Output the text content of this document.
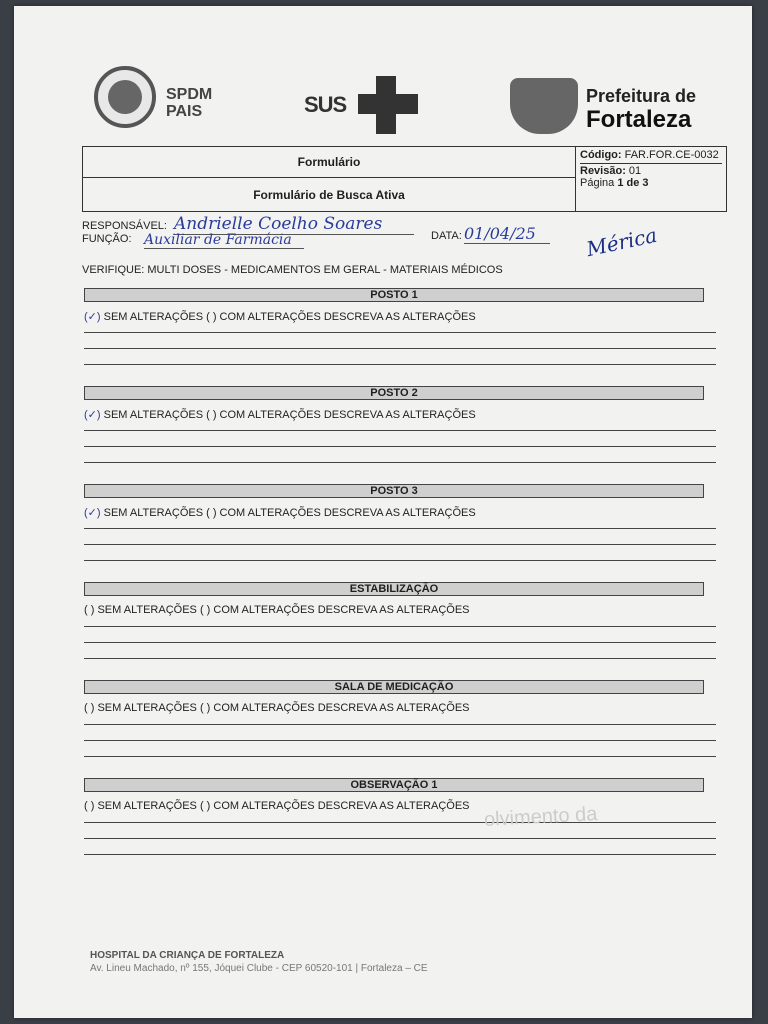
SPDM
PAIS	SUS	Prefeitura de
Fortaleza
Formulário
Formulário de Busca Ativa
Código: FAR.FOR.CE-0032
Revisão: 01
Página 1 de 3
RESPONSÁVEL: Andrielle Coelho Soares
FUNÇÃO: Auxiliar de Farmácia	DATA: 01/04/25	Mérica
VERIFIQUE: MULTI DOSES - MEDICAMENTOS EM GERAL - MATERIAIS MÉDICOS
POSTO 1
(✓) SEM ALTERAÇÕES ( ) COM ALTERAÇÕES DESCREVA AS ALTERAÇÕES
POSTO 2
(✓) SEM ALTERAÇÕES ( ) COM ALTERAÇÕES DESCREVA AS ALTERAÇÕES
POSTO 3
(✓) SEM ALTERAÇÕES ( ) COM ALTERAÇÕES DESCREVA AS ALTERAÇÕES
ESTABILIZAÇÃO
( ) SEM ALTERAÇÕES ( ) COM ALTERAÇÕES DESCREVA AS ALTERAÇÕES
SALA DE MEDICAÇÃO
( ) SEM ALTERAÇÕES ( ) COM ALTERAÇÕES DESCREVA AS ALTERAÇÕES
OBSERVAÇÃO 1
( ) SEM ALTERAÇÕES ( ) COM ALTERAÇÕES DESCREVA AS ALTERAÇÕES olvimento da
HOSPITAL DA CRIANÇA DE FORTALEZA
Av. Lineu Machado, nº 155, Jóquei Clube - CEP 60520-101 | Fortaleza – CE
